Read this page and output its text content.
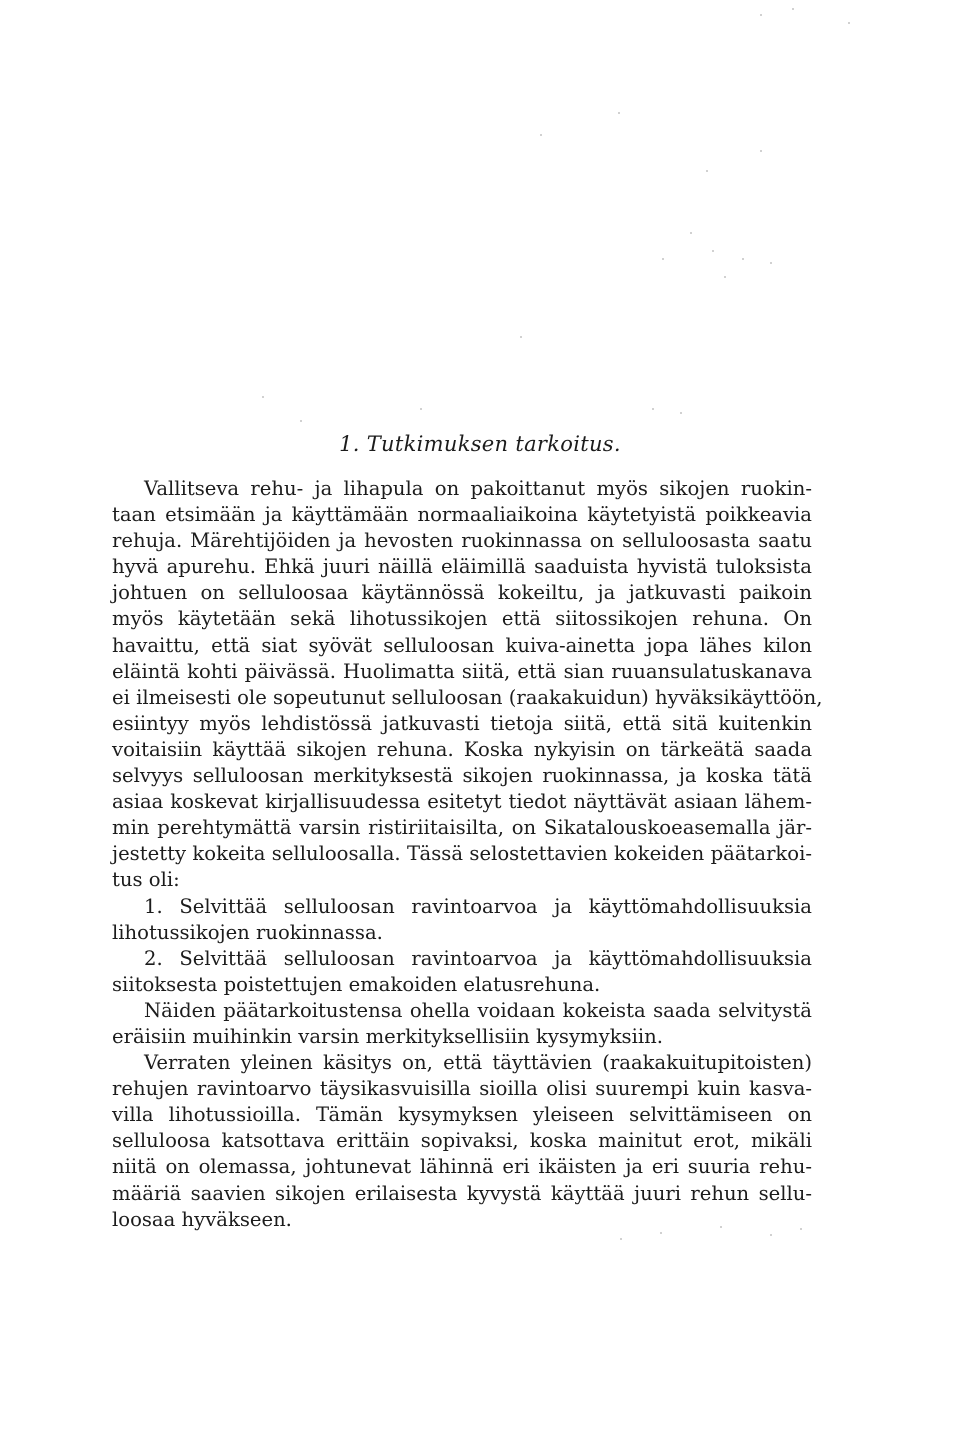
1. Tutkimuksen tarkoitus.
Vallitseva rehu- ja lihapula on pakoittanut myös sikojen ruokin-
taan etsimään ja käyttämään normaaliaikoina käytetyistä poikkeavia
rehuja. Märehtijöiden ja hevosten ruokinnassa on selluloosasta saatu
hyvä apurehu. Ehkä juuri näillä eläimillä saaduista hyvistä tuloksista
johtuen on selluloosaa käytännössä kokeiltu, ja jatkuvasti paikoin
myös käytetään sekä lihotussikojen että siitossikojen rehuna. On
havaittu, että siat syövät selluloosan kuiva-ainetta jopa lähes kilon
eläintä kohti päivässä. Huolimatta siitä, että sian ruuansulatuskanava
ei ilmeisesti ole sopeutunut selluloosan (raakakuidun) hyväksikäyttöön,
esiintyy myös lehdistössä jatkuvasti tietoja siitä, että sitä kuitenkin
voitaisiin käyttää sikojen rehuna. Koska nykyisin on tärkeätä saada
selvyys selluloosan merkityksestä sikojen ruokinnassa, ja koska tätä
asiaa koskevat kirjallisuudessa esitetyt tiedot näyttävät asiaan lähem-
min perehtymättä varsin ristiriitaisilta, on Sikatalouskoeasemalla jär-
jestetty kokeita selluloosalla. Tässä selostettavien kokeiden päätarkoi-
tus oli:
1. Selvittää selluloosan ravintoarvoa ja käyttömahdollisuuksia
lihotussikojen ruokinnassa.
2. Selvittää selluloosan ravintoarvoa ja käyttömahdollisuuksia
siitoksesta poistettujen emakoiden elatusrehuna.
Näiden päätarkoitustensa ohella voidaan kokeista saada selvitystä
eräisiin muihinkin varsin merkityksellisiin kysymyksiin.
Verraten yleinen käsitys on, että täyttävien (raakakuitupitoisten)
rehujen ravintoarvo täysikasvuisilla sioilla olisi suurempi kuin kasva-
villa lihotussioilla. Tämän kysymyksen yleiseen selvittämiseen on
selluloosa katsottava erittäin sopivaksi, koska mainitut erot, mikäli
niitä on olemassa, johtunevat lähinnä eri ikäisten ja eri suuria rehu-
määriä saavien sikojen erilaisesta kyvystä käyttää juuri rehun sellu-
loosaa hyväkseen.
